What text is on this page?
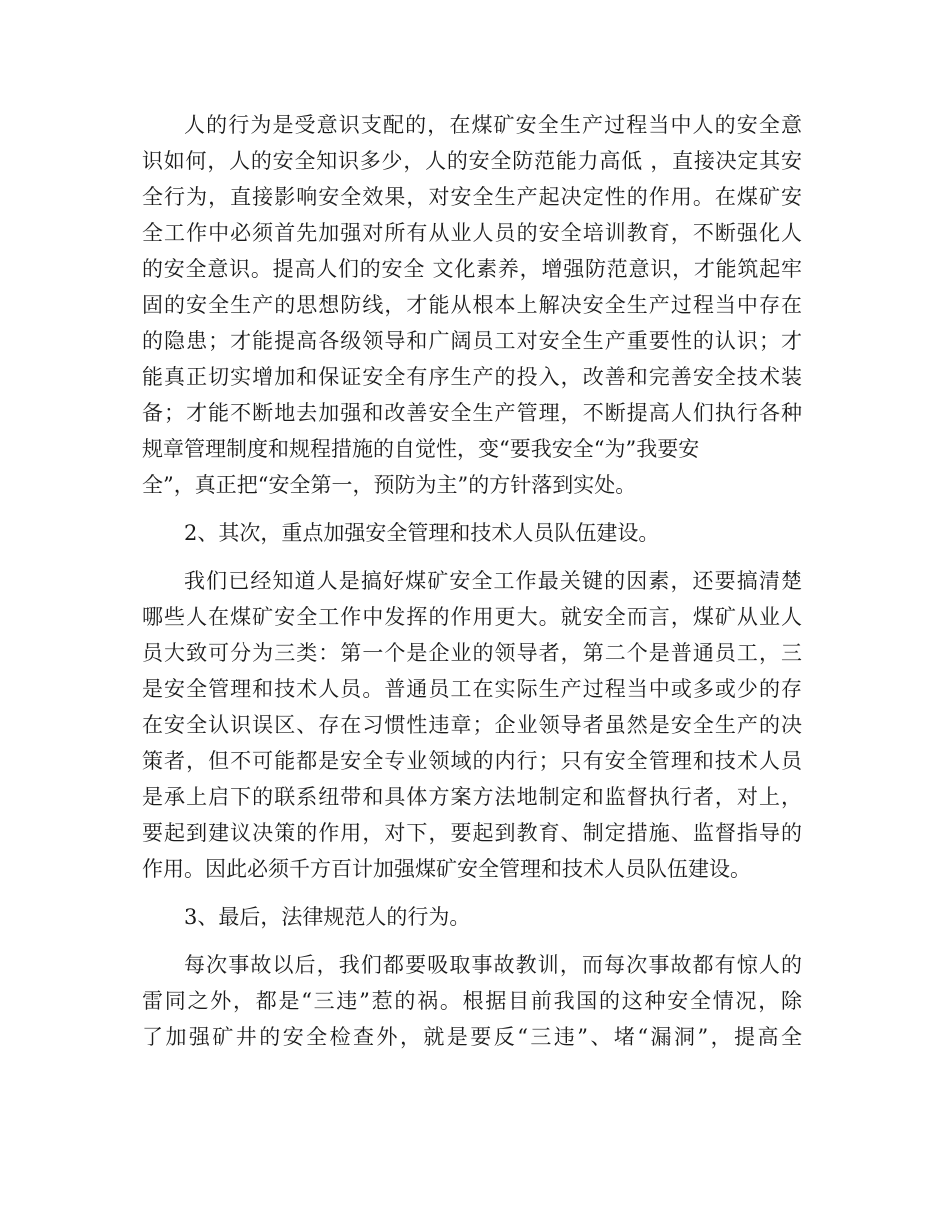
人的行为是受意识支配的，在煤矿安全生产过程当中人的安全意
识如何，人的安全知识多少，人的安全防范能力高低 ，直接决定其安
全行为，直接影响安全效果，对安全生产起决定性的作用。在煤矿安
全工作中必须首先加强对所有从业人员的安全培训教育，不断强化人
的安全意识。提高人们的安全 文化素养，增强防范意识，才能筑起牢
固的安全生产的思想防线，才能从根本上解决安全生产过程当中存在
的隐患；才能提高各级领导和广阔员工对安全生产重要性的认识；才
能真正切实增加和保证安全有序生产的投入，改善和完善安全技术装
备；才能不断地去加强和改善安全生产管理，不断提高人们执行各种
规章管理制度和规程措施的自觉性，变“要我安全“为”我要安
全”，真正把“安全第一，预防为主”的方针落到实处。
2、其次，重点加强安全管理和技术人员队伍建设。
我们已经知道人是搞好煤矿安全工作最关键的因素，还要搞清楚
哪些人在煤矿安全工作中发挥的作用更大。就安全而言，煤矿从业人
员大致可分为三类：第一个是企业的领导者，第二个是普通员工，三
是安全管理和技术人员。普通员工在实际生产过程当中或多或少的存
在安全认识误区、存在习惯性违章；企业领导者虽然是安全生产的决
策者，但不可能都是安全专业领域的内行；只有安全管理和技术人员
是承上启下的联系纽带和具体方案方法地制定和监督执行者，对上，
要起到建议决策的作用，对下，要起到教育、制定措施、监督指导的
作用。因此必须千方百计加强煤矿安全管理和技术人员队伍建设。
3、最后，法律规范人的行为。
每次事故以后，我们都要吸取事故教训，而每次事故都有惊人的
雷同之外，都是“三违”惹的祸。根据目前我国的这种安全情况，除
了加强矿井的安全检查外，就是要反“三违”、堵“漏洞”，提高全
